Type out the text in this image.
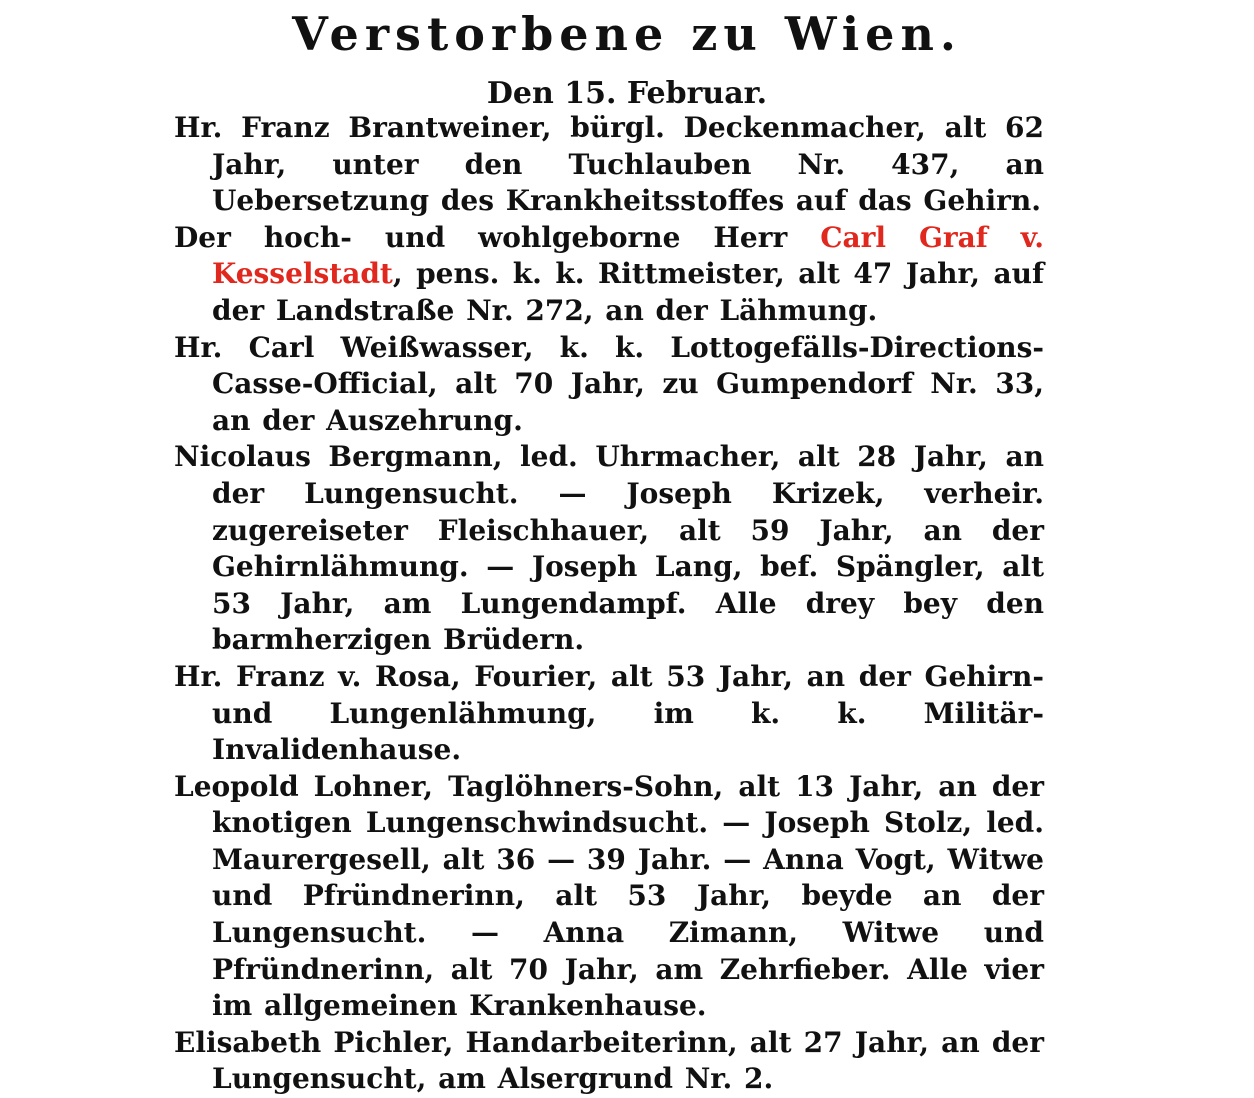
Verstorbene zu Wien.
Den 15. Februar.

Hr. Franz Brantweiner, bürgl. Deckenmacher, alt 62 Jahr, unter den Tuchlauben Nr. 437, an Uebersetzung des Krankheitsstoffes auf das Gehirn.

Der hoch- und wohlgeborne Herr Carl Graf v. Kesselstadt, pens. k. k. Rittmeister, alt 47 Jahr, auf der Landstraße Nr. 272, an der Lähmung.

Hr. Carl Weißwasser, k. k. Lottogefälls-Directions-Casse-Official, alt 70 Jahr, zu Gumpendorf Nr. 33, an der Auszehrung.

Nicolaus Bergmann, led. Uhrmacher, alt 28 Jahr, an der Lungensucht. — Joseph Krizek, verheir. zugereiseter Fleischhauer, alt 59 Jahr, an der Gehirnlähmung. — Joseph Lang, bef. Spängler, alt 53 Jahr, am Lungendampf. Alle drey bey den barmherzigen Brüdern.

Hr. Franz v. Rosa, Fourier, alt 53 Jahr, an der Gehirn- und Lungenlähmung, im k. k. Militär-Invalidenhause.

Leopold Lohner, Taglöhners-Sohn, alt 13 Jahr, an der knotigen Lungenschwindsucht. — Joseph Stolz, led. Maurergesell, alt 36 — 39 Jahr. — Anna Vogt, Witwe und Pfründnerinn, alt 53 Jahr, beyde an der Lungensucht. — Anna Zimann, Witwe und Pfründnerinn, alt 70 Jahr, am Zehrfieber. Alle vier im allgemeinen Krankenhause.

Elisabeth Pichler, Handarbeiterinn, alt 27 Jahr, an der Lungensucht, am Alsergrund Nr. 2.
